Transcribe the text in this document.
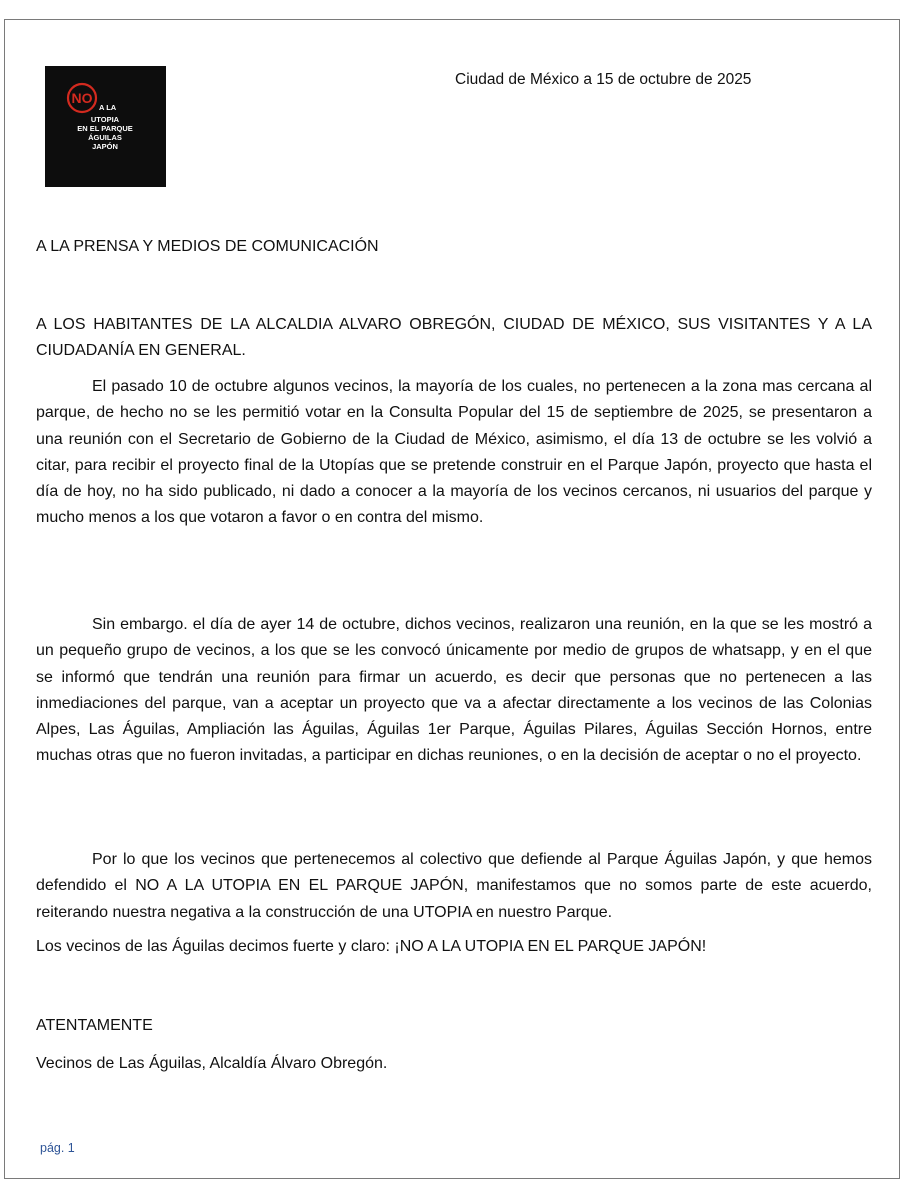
NO
A LA
UTOPIA
EN EL PARQUE
ÁGUILAS
JAPÓN
Ciudad de México a 15 de octubre de 2025
A LA PRENSA Y MEDIOS DE COMUNICACIÓN
A LOS HABITANTES DE LA ALCALDIA ALVARO OBREGÓN, CIUDAD DE MÉXICO, SUS VISITANTES Y A LA CIUDADANÍA EN GENERAL.
El pasado 10 de octubre algunos vecinos, la mayoría de los cuales, no pertenecen a la zona mas cercana al parque, de hecho no se les permitió votar en la Consulta Popular del 15 de septiembre de 2025, se presentaron a una reunión con el Secretario de Gobierno de la Ciudad de México, asimismo, el día 13 de octubre se les volvió a citar, para recibir el proyecto final de la Utopías que se pretende construir en el Parque Japón, proyecto que hasta el día de hoy, no ha sido publicado, ni dado a conocer a la mayoría de los vecinos cercanos, ni usuarios del parque y mucho menos a los que votaron a favor o en contra del mismo.
Sin embargo. el día de ayer 14 de octubre, dichos vecinos, realizaron una reunión, en la que se les mostró a un pequeño grupo de vecinos, a los que se les convocó únicamente por medio de grupos de whatsapp, y en el que se informó que tendrán una reunión para firmar un acuerdo, es decir que personas que no pertenecen a las inmediaciones del parque, van a aceptar un proyecto que va a afectar directamente a los vecinos de las Colonias Alpes, Las Águilas, Ampliación las Águilas, Águilas 1er Parque, Águilas Pilares, Águilas Sección Hornos, entre muchas otras que no fueron invitadas, a participar en dichas reuniones, o en la decisión de aceptar o no el proyecto.
Por lo que los vecinos que pertenecemos al colectivo que defiende al Parque Águilas Japón, y que hemos defendido el NO A LA UTOPIA EN EL PARQUE JAPÓN, manifestamos que no somos parte de este acuerdo, reiterando nuestra negativa a la construcción de una UTOPIA en nuestro Parque.
Los vecinos de las Águilas decimos fuerte y claro: ¡NO A LA UTOPIA EN EL PARQUE JAPÓN!
ATENTAMENTE
Vecinos de Las Águilas, Alcaldía Álvaro Obregón.
pág. 1
